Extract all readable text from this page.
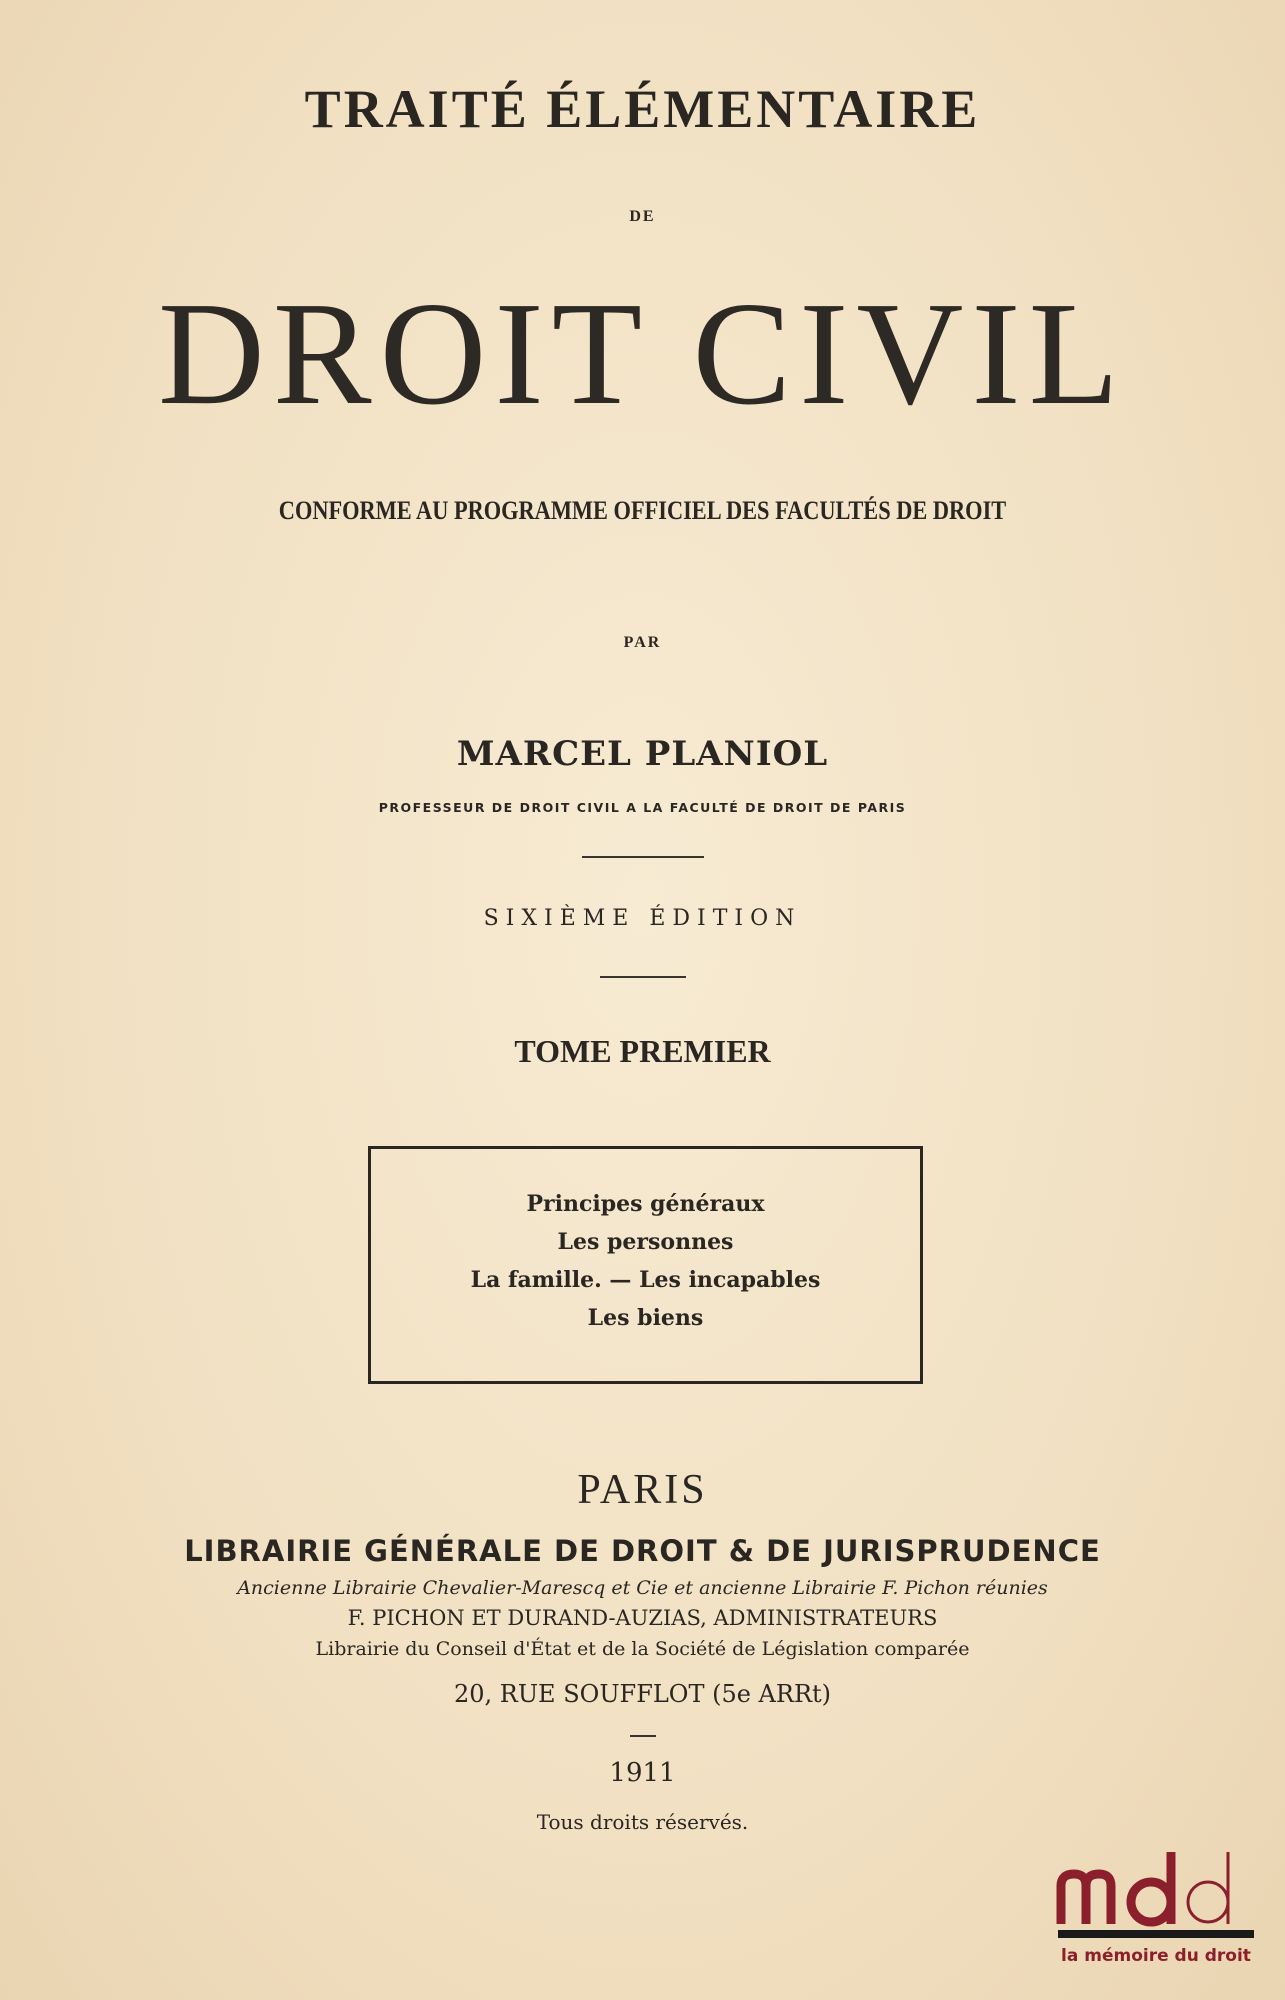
TRAITÉ ÉLÉMENTAIRE
DE
DROIT CIVIL
CONFORME AU PROGRAMME OFFICIEL DES FACULTÉS DE DROIT
PAR
MARCEL PLANIOL
PROFESSEUR DE DROIT CIVIL A LA FACULTÉ DE DROIT DE PARIS
SIXIÈME ÉDITION
TOME PREMIER
Principes généraux
Les personnes
La famille. — Les incapables
Les biens
PARIS
LIBRAIRIE GÉNÉRALE DE DROIT & DE JURISPRUDENCE
Ancienne Librairie Chevalier-Marescq et Cie et ancienne Librairie F. Pichon réunies
F. PICHON ET DURAND-AUZIAS, ADMINISTRATEURS
Librairie du Conseil d'État et de la Société de Législation comparée
20, RUE SOUFFLOT (5e ARRt)
1911
Tous droits réservés.
la mémoire du droit
